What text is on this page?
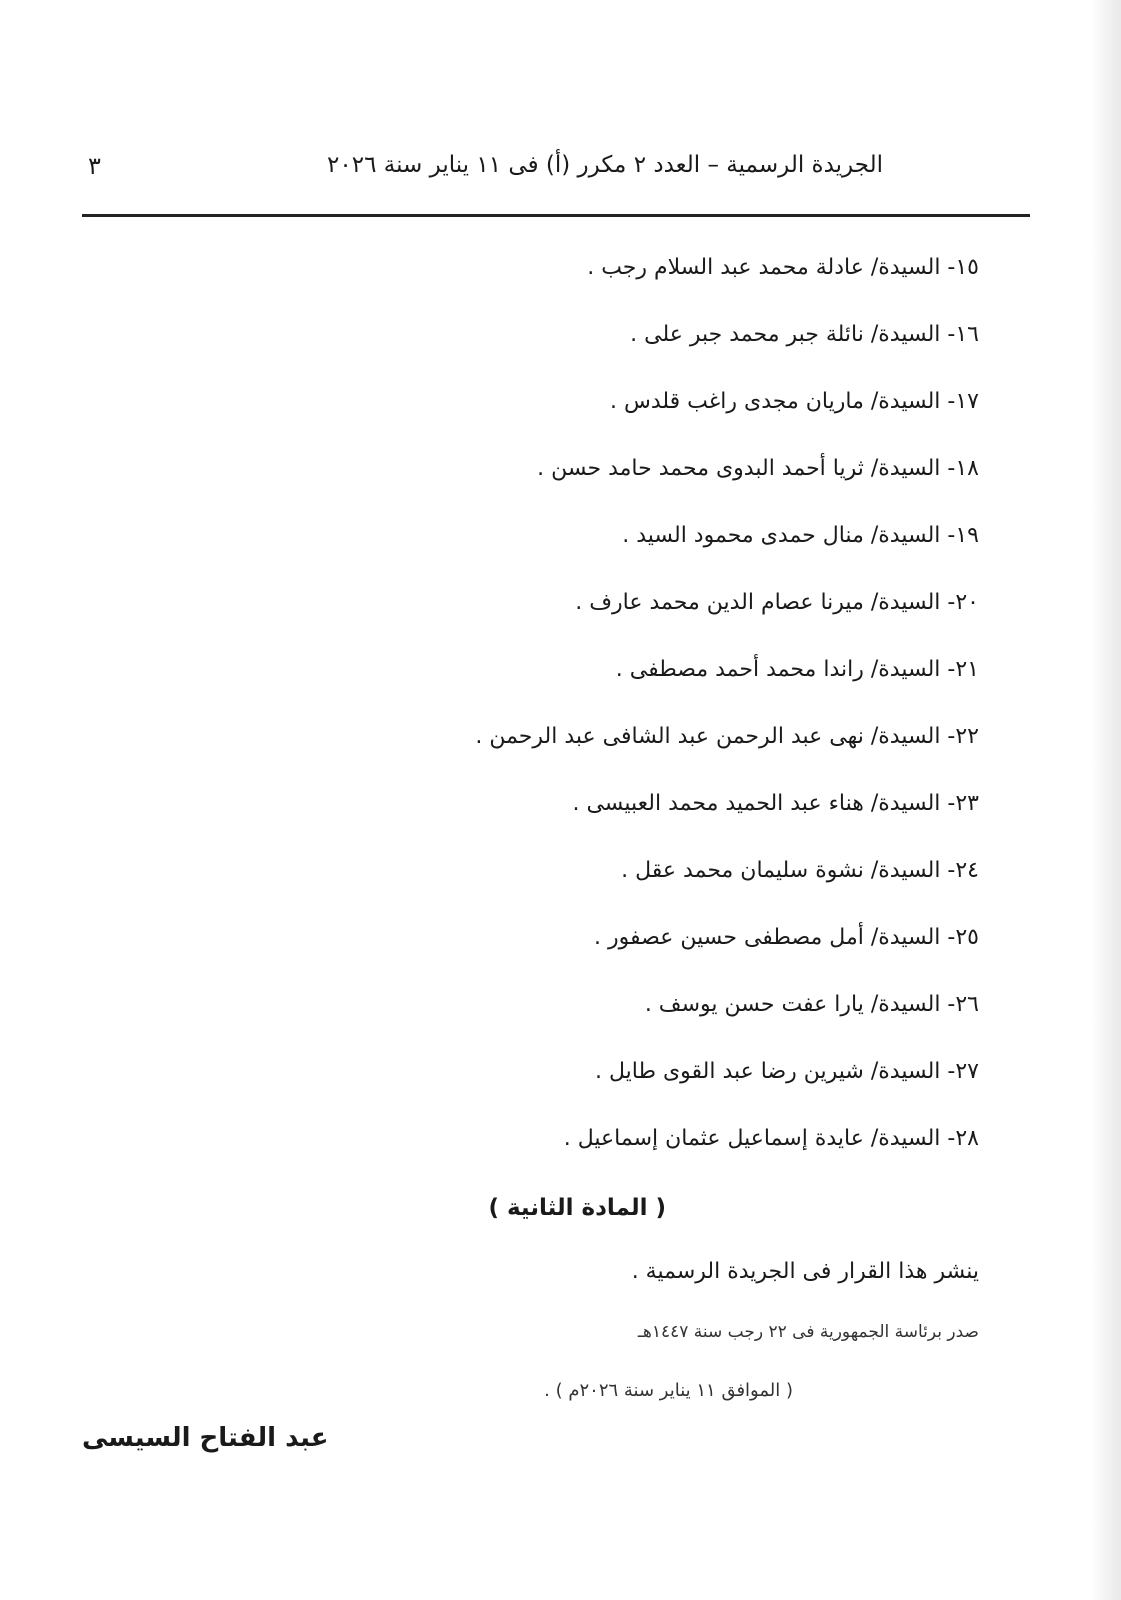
الجريدة الرسمية – العدد ٢ مكرر (أ) فى ١١ يناير سنة ٢٠٢٦
٣
١٥- السيدة/ عادلة محمد عبد السلام رجب .
١٦- السيدة/ نائلة جبر محمد جبر على .
١٧- السيدة/ ماريان مجدى راغب قلدس .
١٨- السيدة/ ثريا أحمد البدوى محمد حامد حسن .
١٩- السيدة/ منال حمدى محمود السيد .
٢٠- السيدة/ ميرنا عصام الدين محمد عارف .
٢١- السيدة/ راندا محمد أحمد مصطفى .
٢٢- السيدة/ نهى عبد الرحمن عبد الشافى عبد الرحمن .
٢٣- السيدة/ هناء عبد الحميد محمد العبيسى .
٢٤- السيدة/ نشوة سليمان محمد عقل .
٢٥- السيدة/ أمل مصطفى حسين عصفور .
٢٦- السيدة/ يارا عفت حسن يوسف .
٢٧- السيدة/ شيرين رضا عبد القوى طايل .
٢٨- السيدة/ عايدة إسماعيل عثمان إسماعيل .
( المادة الثانية )
ينشر هذا القرار فى الجريدة الرسمية .
صدر برئاسة الجمهورية فى ٢٢ رجب سنة ١٤٤٧هـ
( الموافق ١١ يناير سنة ٢٠٢٦م ) .
عبد الفتاح السيسى
